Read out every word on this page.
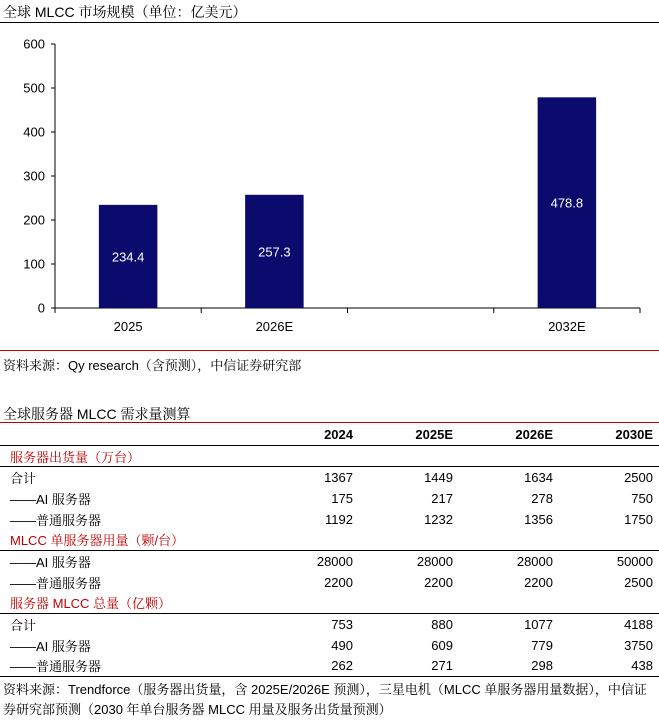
全球 MLCC 市场规模（单位：亿美元）
0
100
200
300
400
500
600
2025	2026E	2032E
234.4	257.3
478.8
资料来源：Qy research（含预测），中信证券研究部
全球服务器 MLCC 需求量测算
	2024	2025E	2026E	2030E
服务器出货量（万台）				
合计	1367	1449	1634	2500
——AI 服务器	175	217	278	750
——普通服务器	1192	1232	1356	1750
MLCC 单服务器用量（颗/台）				
——AI 服务器	28000	28000	28000	50000
——普通服务器	2200	2200	2200	2500
服务器 MLCC 总量（亿颗）				
合计	753	880	1077	4188
——AI 服务器	490	609	779	3750
——普通服务器	262	271	298	438
资料来源：Trendforce（服务器出货量，含 2025E/2026E 预测），三星电机（MLCC 单服务器用量数据），中信证券研究部预测（2030 年单台服务器 MLCC 用量及服务出货量预测）
